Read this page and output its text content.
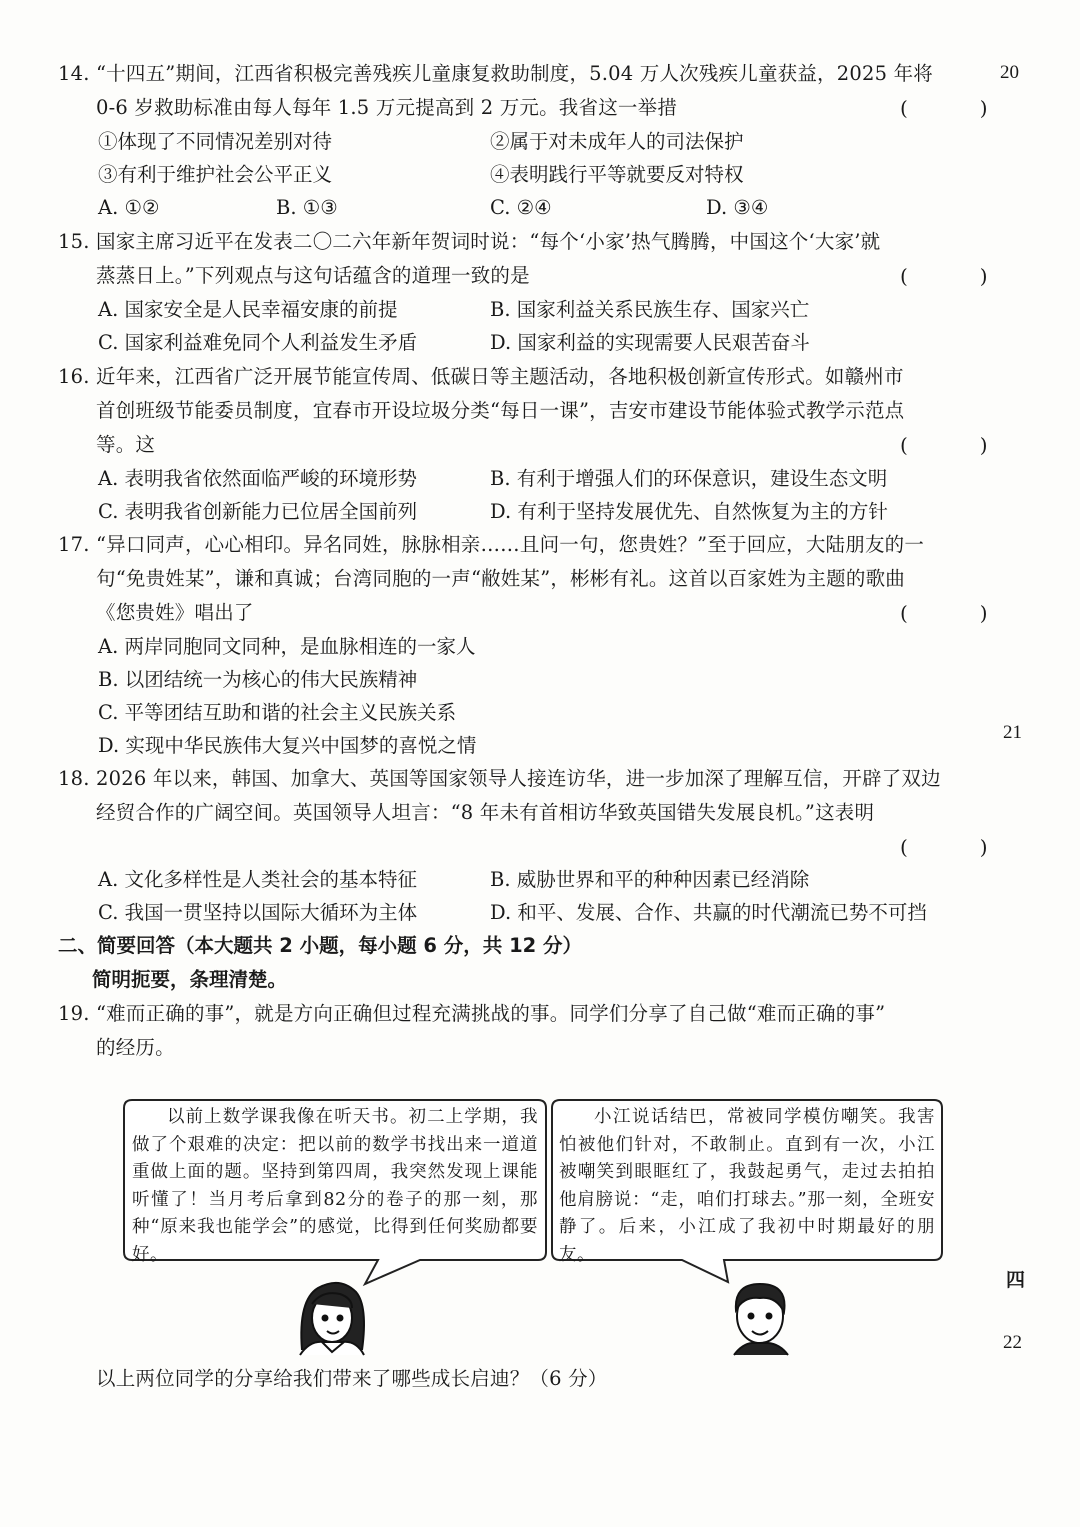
20
21
四
22
14. “十四五”期间，江西省积极完善残疾儿童康复救助制度，5.04 万人次残疾儿童获益，2025 年将
0-6 岁救助标准由每人每年 1.5 万元提高到 2 万元。我省这一举措	(　)
①体现了不同情况差别对待	②属于对未成年人的司法保护
③有利于维护社会公平正义	④表明践行平等就要反对特权
A. ①②	B. ①③	C. ②④	D. ③④
15. 国家主席习近平在发表二〇二六年新年贺词时说：“每个‘小家’热气腾腾，中国这个‘大家’就
蒸蒸日上。”下列观点与这句话蕴含的道理一致的是	(　)
A. 国家安全是人民幸福安康的前提	B. 国家利益关系民族生存、国家兴亡
C. 国家利益难免同个人利益发生矛盾	D. 国家利益的实现需要人民艰苦奋斗
16. 近年来，江西省广泛开展节能宣传周、低碳日等主题活动，各地积极创新宣传形式。如赣州市
首创班级节能委员制度，宜春市开设垃圾分类“每日一课”，吉安市建设节能体验式教学示范点
等。这	(　)
A. 表明我省依然面临严峻的环境形势	B. 有利于增强人们的环保意识，建设生态文明
C. 表明我省创新能力已位居全国前列	D. 有利于坚持发展优先、自然恢复为主的方针
17. “异口同声，心心相印。异名同姓，脉脉相亲……且问一句，您贵姓？”至于回应，大陆朋友的一
句“免贵姓某”，谦和真诚；台湾同胞的一声“敝姓某”，彬彬有礼。这首以百家姓为主题的歌曲
《您贵姓》唱出了	(　)
A. 两岸同胞同文同种，是血脉相连的一家人
B. 以团结统一为核心的伟大民族精神
C. 平等团结互助和谐的社会主义民族关系
D. 实现中华民族伟大复兴中国梦的喜悦之情
18. 2026 年以来，韩国、加拿大、英国等国家领导人接连访华，进一步加深了理解互信，开辟了双边
经贸合作的广阔空间。英国领导人坦言：“8 年未有首相访华致英国错失发展良机。”这表明
(　)
A. 文化多样性是人类社会的基本特征	B. 威胁世界和平的种种因素已经消除
C. 我国一贯坚持以国际大循环为主体	D. 和平、发展、合作、共赢的时代潮流已势不可挡
二、简要回答（本大题共 2 小题，每小题 6 分，共 12 分）
简明扼要，条理清楚。
19. “难而正确的事”，就是方向正确但过程充满挑战的事。同学们分享了自己做“难而正确的事”
的经历。
以前上数学课我像在听天书。初二上学期，我做了个艰难的决定：把以前的数学书找出来一道道重做上面的题。坚持到第四周，我突然发现上课能听懂了！当月考后拿到82分的卷子的那一刻，那种“原来我也能学会”的感觉，比得到任何奖励都要好。
小江说话结巴，常被同学模仿嘲笑。我害怕被他们针对，不敢制止。直到有一次，小江被嘲笑到眼眶红了，我鼓起勇气，走过去拍拍他肩膀说：“走，咱们打球去。”那一刻，全班安静了。后来，小江成了我初中时期最好的朋友。
以上两位同学的分享给我们带来了哪些成长启迪？（6 分）
